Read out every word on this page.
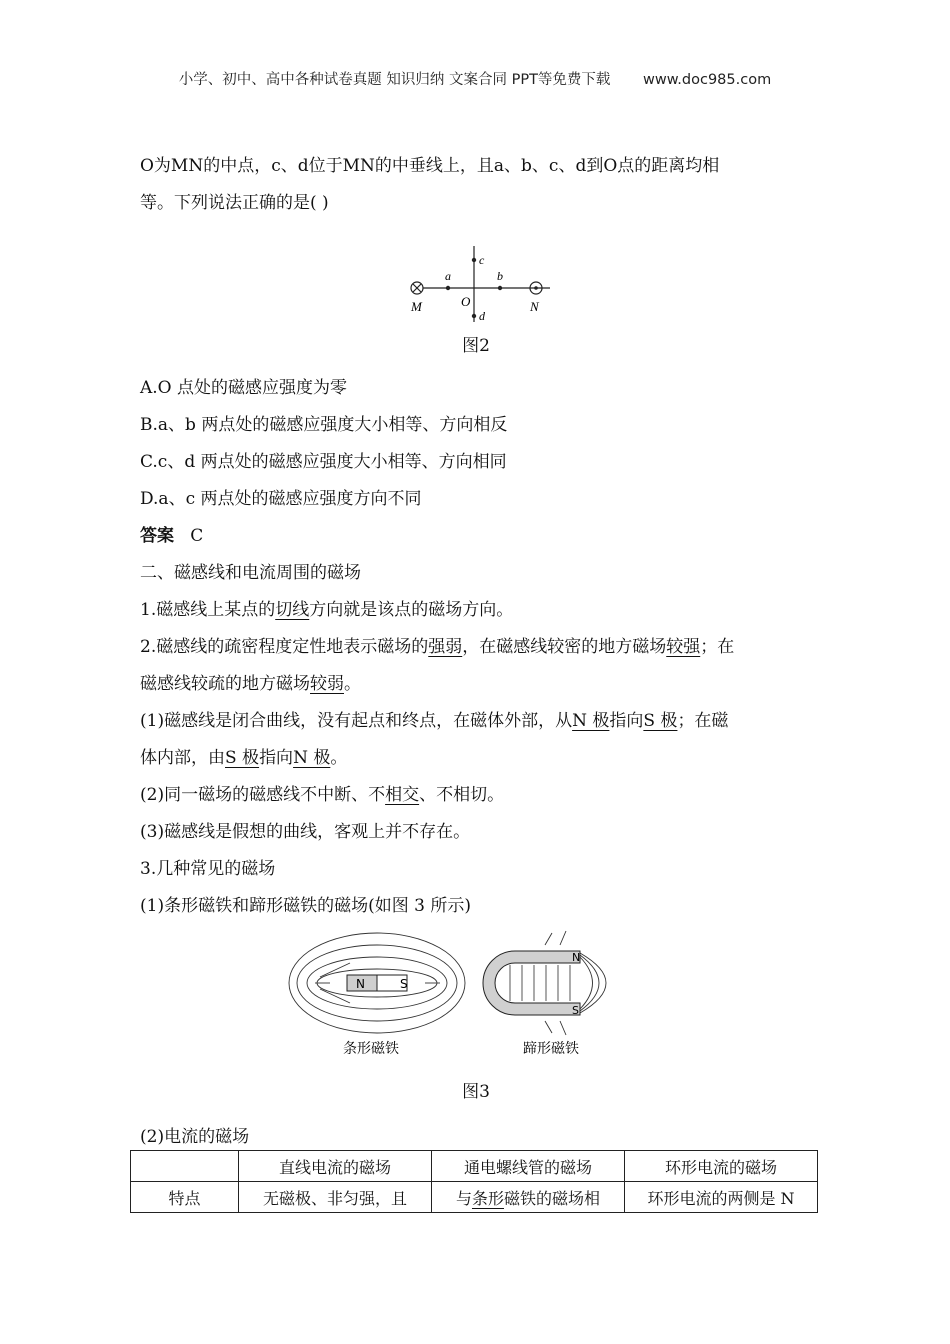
小学、初中、高中各种试卷真题 知识归纳 文案合同 PPT等免费下载 www.doc985.com
O为MN的中点，c、d位于MN的中垂线上，且a、b、c、d到O点的距离均相
等。下列说法正确的是( )
M	N
O
a	b
c
d
图2
A.O 点处的磁感应强度为零
B.a、b 两点处的磁感应强度大小相等、方向相反
C.c、d 两点处的磁感应强度大小相等、方向相同
D.a、c 两点处的磁感应强度方向不同
答案 C
二、磁感线和电流周围的磁场
1.磁感线上某点的切线方向就是该点的磁场方向。
2.磁感线的疏密程度定性地表示磁场的强弱，在磁感线较密的地方磁场较强；在
磁感线较疏的地方磁场较弱。
(1)磁感线是闭合曲线，没有起点和终点，在磁体外部，从N 极指向S 极；在磁
体内部，由S 极指向N 极。
(2)同一磁场的磁感线不中断、不相交、不相切。
(3)磁感线是假想的曲线，客观上并不存在。
3.几种常见的磁场
(1)条形磁铁和蹄形磁铁的磁场(如图 3 所示)
N	S
条形磁铁
N
S
蹄形磁铁
图3
(2)电流的磁场
	直线电流的磁场	通电螺线管的磁场	环形电流的磁场
特点	无磁极、非匀强，且	与条形磁铁的磁场相	环形电流的两侧是 N
